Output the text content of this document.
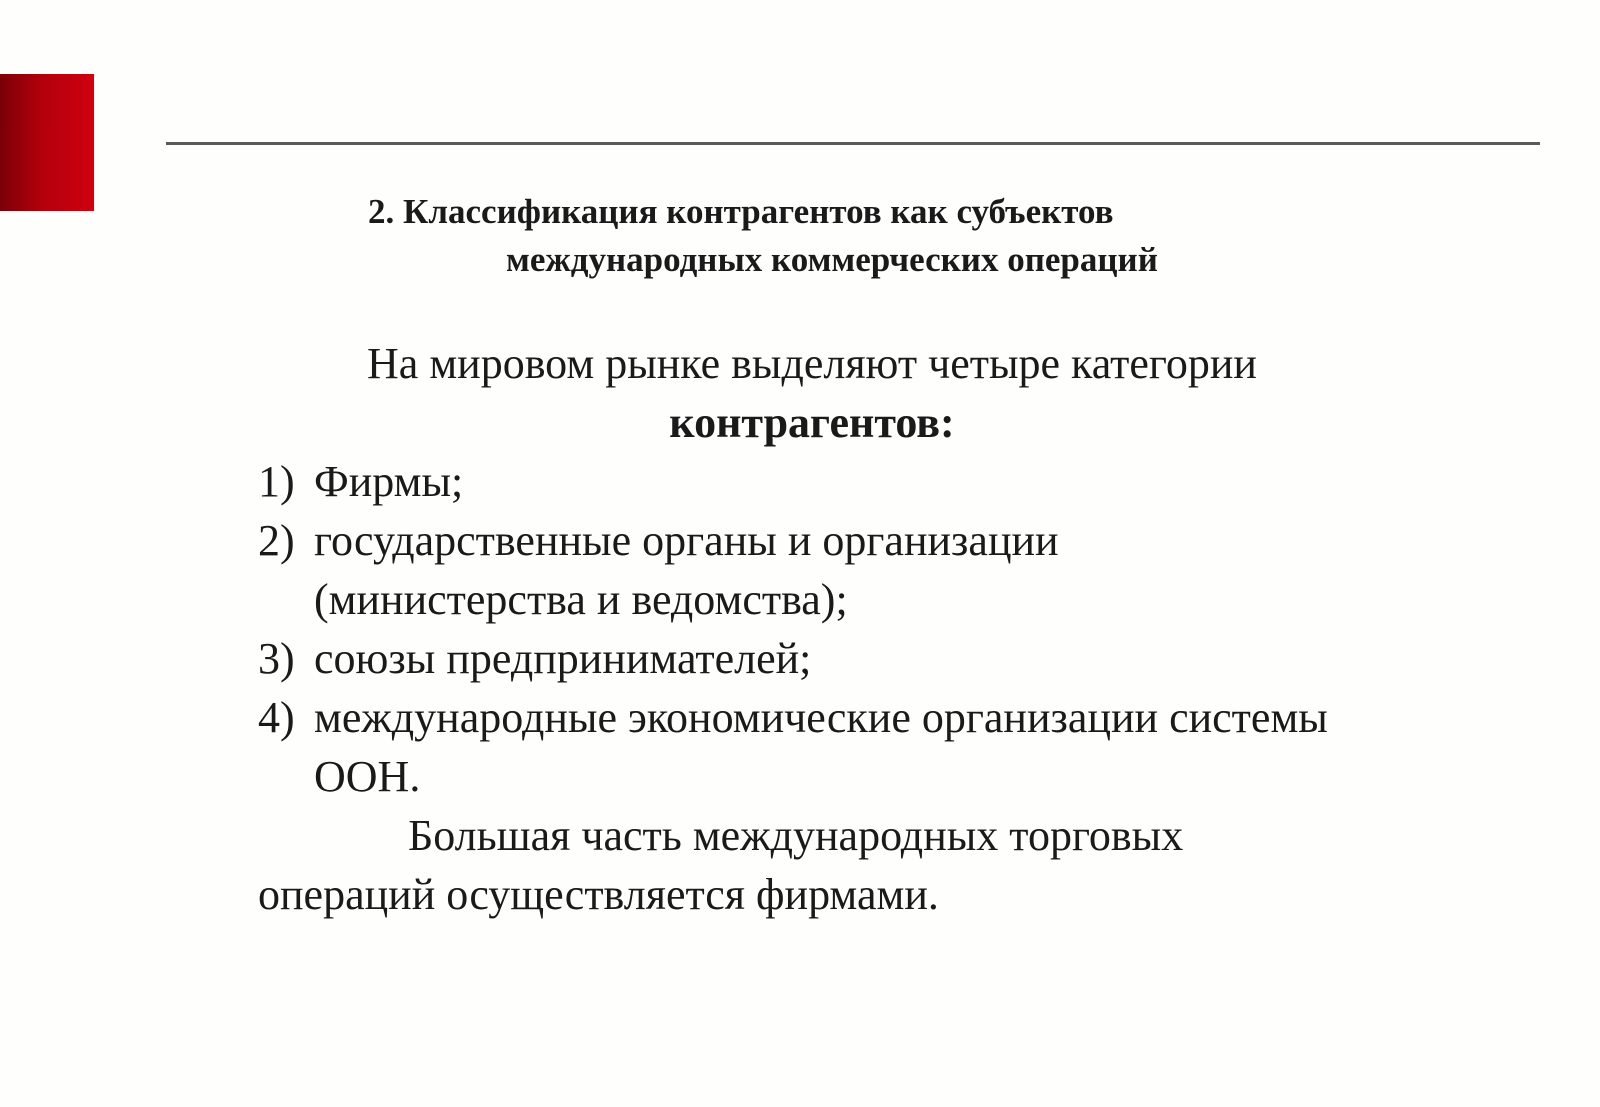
2. Классификация контрагентов как субъектов
международных коммерческих операций
На мировом рынке выделяют четыре категории
контрагентов:
1) Фирмы;
2) государственные органы и организации (министерства и ведомства);
3) союзы предпринимателей;
4) международные экономические организации системы ООН.
Большая часть международных торговых операций осуществляется фирмами.
